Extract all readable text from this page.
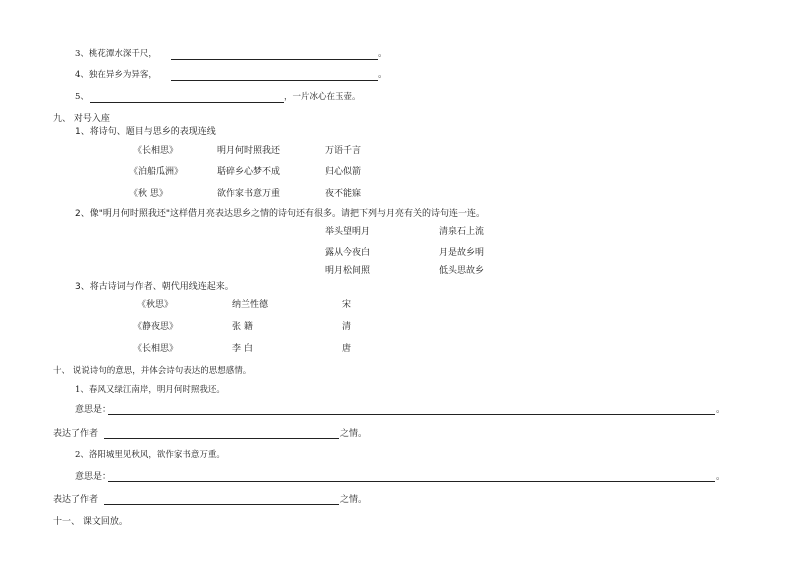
3、桃花潭水深千尺，	。
4、独在异乡为异客，	。
5、	，一片冰心在玉壶。
九、 对号入座
1、将诗句、题目与思乡的表现连线
《长相思》	明月何时照我还	万语千言
《泊船瓜洲》	聒碎乡心梦不成	归心似箭
《秋 思》	欲作家书意万重	夜不能寐
2、像"明月何时照我还"这样借月亮表达思乡之情的诗句还有很多。请把下列与月亮有关的诗句连一连。
举头望明月	清泉石上流
露从今夜白	月是故乡明
明月松间照	低头思故乡
3、将古诗词与作者、朝代用线连起来。
《秋思》	纳兰性德	宋
《静夜思》	张 籍	清
《长相思》	李 白	唐
十、 说说诗句的意思，并体会诗句表达的思想感情。
1、春风又绿江南岸，明月何时照我还。
意思是：	。
表达了作者	之情。
2、洛阳城里见秋风，欲作家书意万重。
意思是：	。
表达了作者	之情。
十一、 课文回放。
